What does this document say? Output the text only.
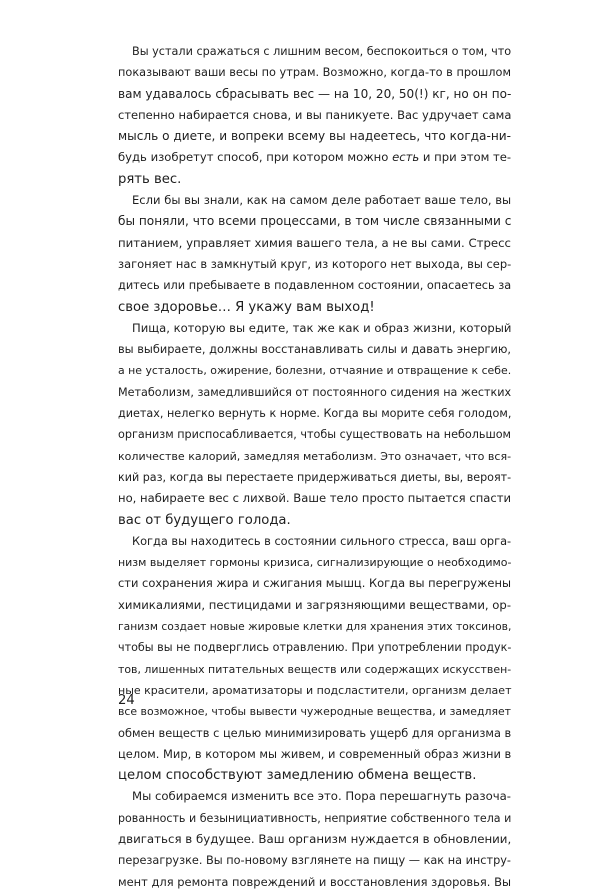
Вы устали сражаться с лишним весом, беспокоиться о том, что
показывают ваши весы по утрам. Возможно, когда-то в прошлом
вам удавалось сбрасывать вес — на 10, 20, 50(!) кг, но он по-
степенно набирается снова, и вы паникуете. Вас удручает сама
мысль о диете, и вопреки всему вы надеетесь, что когда-ни-
будь изобретут способ, при котором можно есть и при этом те-
рять вес.
Если бы вы знали, как на самом деле работает ваше тело, вы
бы поняли, что всеми процессами, в том числе связанными с
питанием, управляет химия вашего тела, а не вы сами. Стресс
загоняет нас в замкнутый круг, из которого нет выхода, вы сер-
дитесь или пребываете в подавленном состоянии, опасаетесь за
свое здоровье… Я укажу вам выход!
Пища, которую вы едите, так же как и образ жизни, который
вы выбираете, должны восстанавливать силы и давать энергию,
а не усталость, ожирение, болезни, отчаяние и отвращение к себе.
Метаболизм, замедлившийся от постоянного сидения на жестких
диетах, нелегко вернуть к норме. Когда вы морите себя голодом,
организм приспосабливается, чтобы существовать на небольшом
количестве калорий, замедляя метаболизм. Это означает, что вся-
кий раз, когда вы перестаете придерживаться диеты, вы, вероят-
но, набираете вес с лихвой. Ваше тело просто пытается спасти
вас от будущего голода.
Когда вы находитесь в состоянии сильного стресса, ваш орга-
низм выделяет гормоны кризиса, сигнализирующие о необходимо-
сти сохранения жира и сжигания мышц. Когда вы перегружены
химикалиями, пестицидами и загрязняющими веществами, ор-
ганизм создает новые жировые клетки для хранения этих токсинов,
чтобы вы не подверглись отравлению. При употреблении продук-
тов, лишенных питательных веществ или содержащих искусствен-
ные красители, ароматизаторы и подсластители, организм делает
все возможное, чтобы вывести чужеродные вещества, и замедляет
обмен веществ с целью минимизировать ущерб для организма в
целом. Мир, в котором мы живем, и современный образ жизни в
целом способствуют замедлению обмена веществ.
Мы собираемся изменить все это. Пора перешагнуть разоча-
рованность и безынициативность, неприятие собственного тела и
двигаться в будущее. Ваш организм нуждается в обновлении,
перезагрузке. Вы по-новому взглянете на пищу — как на инстру-
мент для ремонта повреждений и восстановления здоровья. Вы
24
